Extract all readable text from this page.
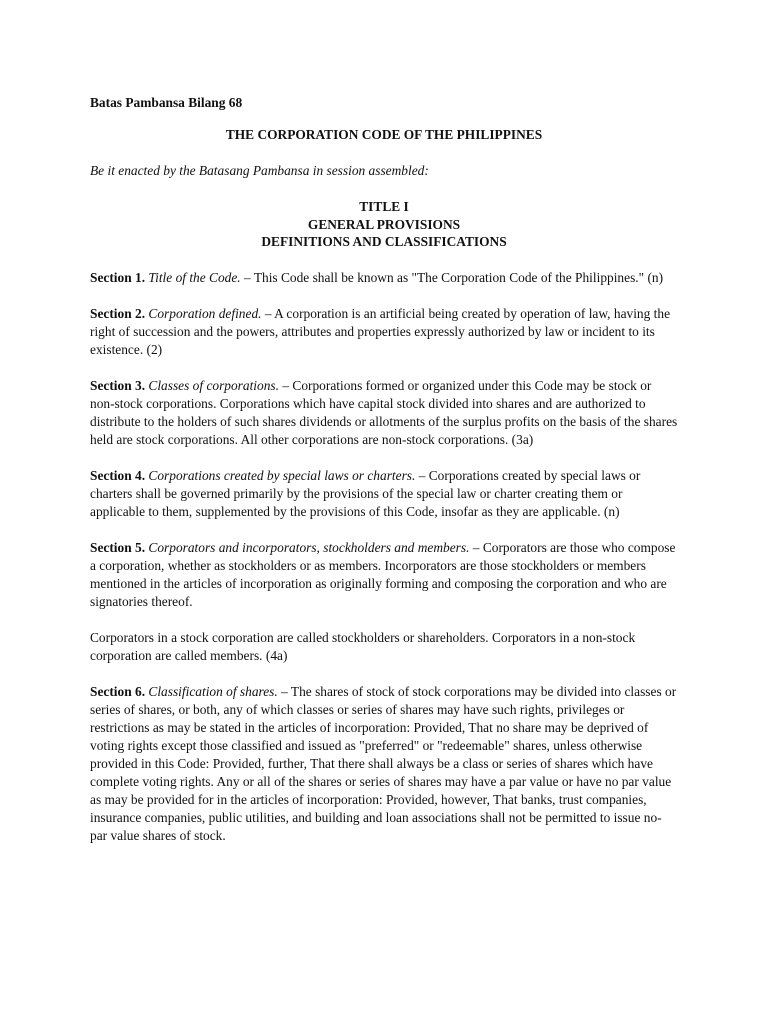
Batas Pambansa Bilang 68
THE CORPORATION CODE OF THE PHILIPPINES
Be it enacted by the Batasang Pambansa in session assembled:
TITLE I
GENERAL PROVISIONS
DEFINITIONS AND CLASSIFICATIONS
Section 1. Title of the Code. – This Code shall be known as "The Corporation Code of the Philippines." (n)
Section 2. Corporation defined. – A corporation is an artificial being created by operation of law, having the right of succession and the powers, attributes and properties expressly authorized by law or incident to its existence. (2)
Section 3. Classes of corporations. – Corporations formed or organized under this Code may be stock or non-stock corporations. Corporations which have capital stock divided into shares and are authorized to distribute to the holders of such shares dividends or allotments of the surplus profits on the basis of the shares held are stock corporations. All other corporations are non-stock corporations. (3a)
Section 4. Corporations created by special laws or charters. – Corporations created by special laws or charters shall be governed primarily by the provisions of the special law or charter creating them or applicable to them, supplemented by the provisions of this Code, insofar as they are applicable. (n)
Section 5. Corporators and incorporators, stockholders and members. – Corporators are those who compose a corporation, whether as stockholders or as members. Incorporators are those stockholders or members mentioned in the articles of incorporation as originally forming and composing the corporation and who are signatories thereof.
Corporators in a stock corporation are called stockholders or shareholders. Corporators in a non-stock corporation are called members. (4a)
Section 6. Classification of shares. – The shares of stock of stock corporations may be divided into classes or series of shares, or both, any of which classes or series of shares may have such rights, privileges or restrictions as may be stated in the articles of incorporation: Provided, That no share may be deprived of voting rights except those classified and issued as "preferred" or "redeemable" shares, unless otherwise provided in this Code: Provided, further, That there shall always be a class or series of shares which have complete voting rights. Any or all of the shares or series of shares may have a par value or have no par value as may be provided for in the articles of incorporation: Provided, however, That banks, trust companies, insurance companies, public utilities, and building and loan associations shall not be permitted to issue no-par value shares of stock.
